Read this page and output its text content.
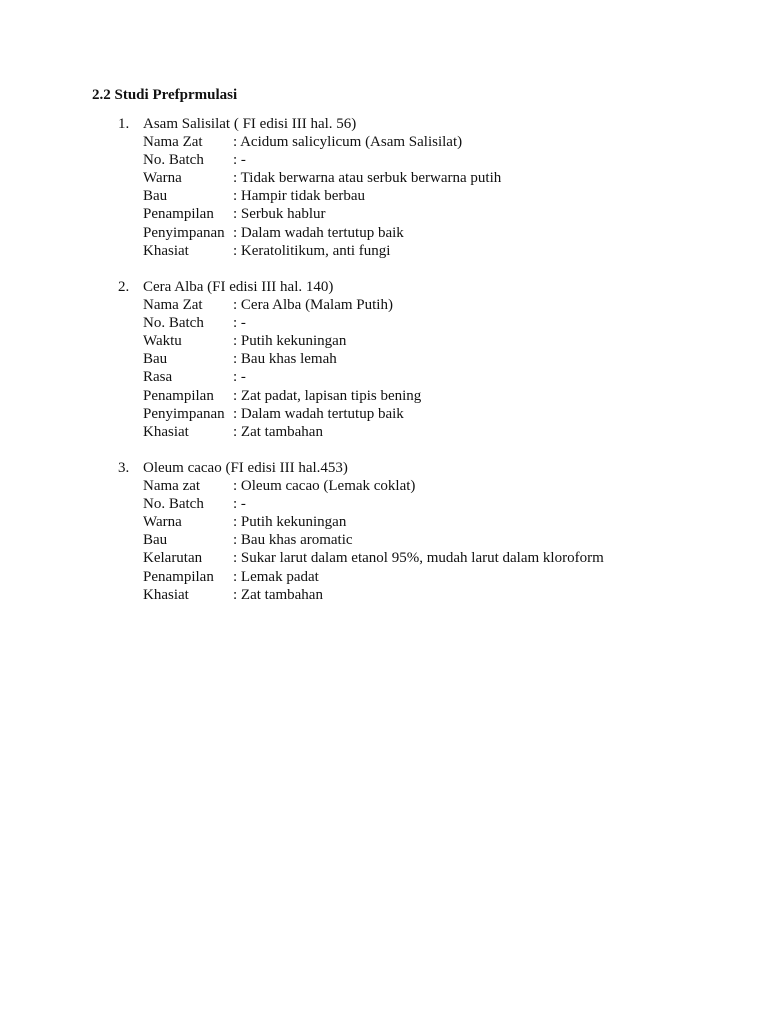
2.2 Studi Prefprmulasi
1. Asam Salisilat ( FI edisi III hal. 56)
Nama Zat	: Acidum salicylicum (Asam Salisilat)
No. Batch	: -
Warna	: Tidak berwarna atau serbuk berwarna putih
Bau	: Hampir tidak berbau
Penampilan	: Serbuk hablur
Penyimpanan : Dalam wadah tertutup baik
Khasiat	: Keratolitikum, anti fungi
2. Cera Alba (FI edisi III hal. 140)
Nama Zat	: Cera Alba (Malam Putih)
No. Batch	: -
Waktu	: Putih kekuningan
Bau	: Bau khas lemah
Rasa	: -
Penampilan	: Zat padat, lapisan tipis bening
Penyimpanan : Dalam wadah tertutup baik
Khasiat	: Zat tambahan
3. Oleum cacao (FI edisi III hal.453)
Nama zat	: Oleum cacao (Lemak coklat)
No. Batch	: -
Warna	: Putih kekuningan
Bau	: Bau khas aromatic
Kelarutan	: Sukar larut dalam etanol 95%, mudah larut dalam kloroform
Penampilan	: Lemak padat
Khasiat	: Zat tambahan
